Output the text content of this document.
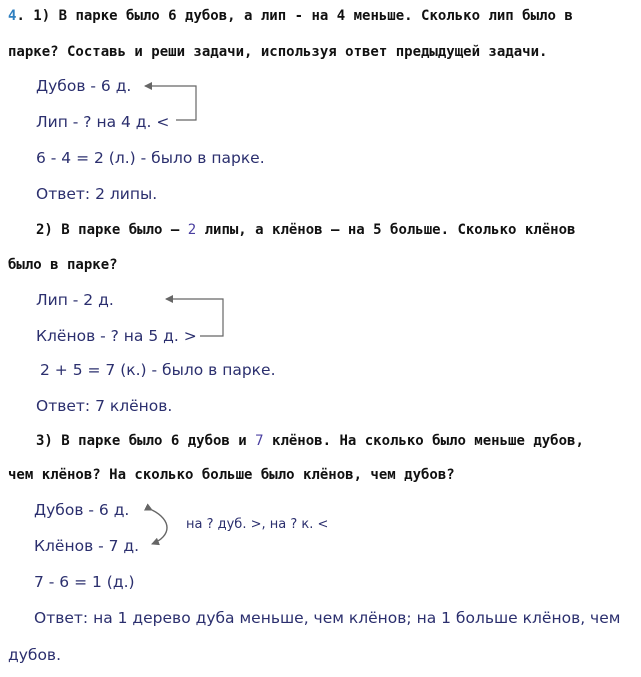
4. 1) В парке было 6 дубов, а лип - на 4 меньше. Сколько лип было в
парке? Составь и реши задачи, используя ответ предыдущей задачи.
Дубов - 6 д.
Лип - ? на 4 д. <
6 - 4 = 2 (л.) - было в парке.
Ответ: 2 липы.
2) В парке было — 2 липы, а клёнов — на 5 больше. Сколько клёнов
было в парке?
Лип - 2 д.
Клёнов - ? на 5 д. >
2 + 5 = 7 (к.) - было в парке.
Ответ: 7 клёнов.
3) В парке было 6 дубов и 7 клёнов. На сколько было меньше дубов,
чем клёнов? На сколько больше было клёнов, чем дубов?
Дубов - 6 д.
Клёнов - 7 д.
на ? дуб. >, на ? к. <
7 - 6 = 1 (д.)
Ответ: на 1 дерево дуба меньше, чем клёнов; на 1 больше клёнов, чем
дубов.
